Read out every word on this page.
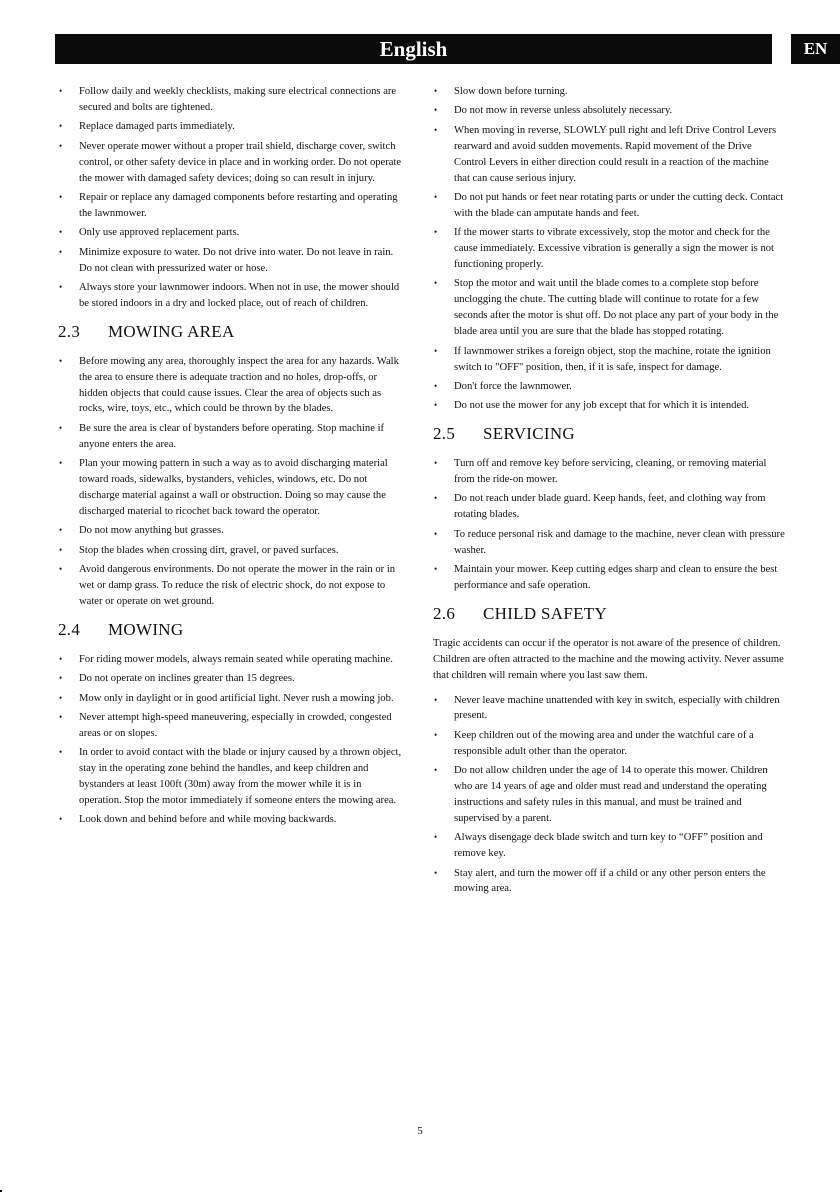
English	EN
• Follow daily and weekly checklists, making sure electrical connections are secured and bolts are tightened.
• Replace damaged parts immediately.
• Never operate mower without a proper trail shield, discharge cover, switch control, or other safety device in place and in working order. Do not operate the mower with damaged safety devices; doing so can result in injury.
• Repair or replace any damaged components before restarting and operating the lawnmower.
• Only use approved replacement parts.
• Minimize exposure to water. Do not drive into water. Do not leave in rain. Do not clean with pressurized water or hose.
• Always store your lawnmower indoors. When not in use, the mower should be stored indoors in a dry and locked place, out of reach of children.
2.3	MOWING AREA
• Before mowing any area, thoroughly inspect the area for any hazards. Walk the area to ensure there is adequate traction and no holes, drop-offs, or hidden objects that could cause issues. Clear the area of objects such as rocks, wire, toys, etc., which could be thrown by the blades.
• Be sure the area is clear of bystanders before operating. Stop machine if anyone enters the area.
• Plan your mowing pattern in such a way as to avoid discharging material toward roads, sidewalks, bystanders, vehicles, windows, etc. Do not discharge material against a wall or obstruction. Doing so may cause the discharged material to ricochet back toward the operator.
• Do not mow anything but grasses.
• Stop the blades when crossing dirt, gravel, or paved surfaces.
• Avoid dangerous environments. Do not operate the mower in the rain or in wet or damp grass. To reduce the risk of electric shock, do not expose to water or operate on wet ground.
2.4	MOWING
• For riding mower models, always remain seated while operating machine.
• Do not operate on inclines greater than 15 degrees.
• Mow only in daylight or in good artificial light. Never rush a mowing job.
• Never attempt high-speed maneuvering, especially in crowded, congested areas or on slopes.
• In order to avoid contact with the blade or injury caused by a thrown object, stay in the operating zone behind the handles, and keep children and bystanders at least 100ft (30m) away from the mower while it is in operation. Stop the motor immediately if someone enters the mowing area.
• Look down and behind before and while moving backwards.
• Slow down before turning.
• Do not mow in reverse unless absolutely necessary.
• When moving in reverse, SLOWLY pull right and left Drive Control Levers rearward and avoid sudden movements. Rapid movement of the Drive Control Levers in either direction could result in a reaction of the machine that can cause serious injury.
• Do not put hands or feet near rotating parts or under the cutting deck. Contact with the blade can amputate hands and feet.
• If the mower starts to vibrate excessively, stop the motor and check for the cause immediately. Excessive vibration is generally a sign the mower is not functioning properly.
• Stop the motor and wait until the blade comes to a complete stop before unclogging the chute. The cutting blade will continue to rotate for a few seconds after the motor is shut off. Do not place any part of your body in the blade area until you are sure that the blade has stopped rotating.
• If lawnmower strikes a foreign object, stop the machine, rotate the ignition switch to "OFF" position, then, if it is safe, inspect for damage.
• Don't force the lawnmower.
• Do not use the mower for any job except that for which it is intended.
2.5	SERVICING
• Turn off and remove key before servicing, cleaning, or removing material from the ride-on mower.
• Do not reach under blade guard. Keep hands, feet, and clothing way from rotating blades.
• To reduce personal risk and damage to the machine, never clean with pressure washer.
• Maintain your mower. Keep cutting edges sharp and clean to ensure the best performance and safe operation.
2.6	CHILD SAFETY

Tragic accidents can occur if the operator is not aware of the presence of children. Children are often attracted to the machine and the mowing activity. Never assume that children will remain where you last saw them.

• Never leave machine unattended with key in switch, especially with children present.
• Keep children out of the mowing area and under the watchful care of a responsible adult other than the operator.
• Do not allow children under the age of 14 to operate this mower. Children who are 14 years of age and older must read and understand the operating instructions and safety rules in this manual, and must be trained and supervised by a parent.
• Always disengage deck blade switch and turn key to “OFF” position and remove key.
• Stay alert, and turn the mower off if a child or any other person enters the mowing area.
5
